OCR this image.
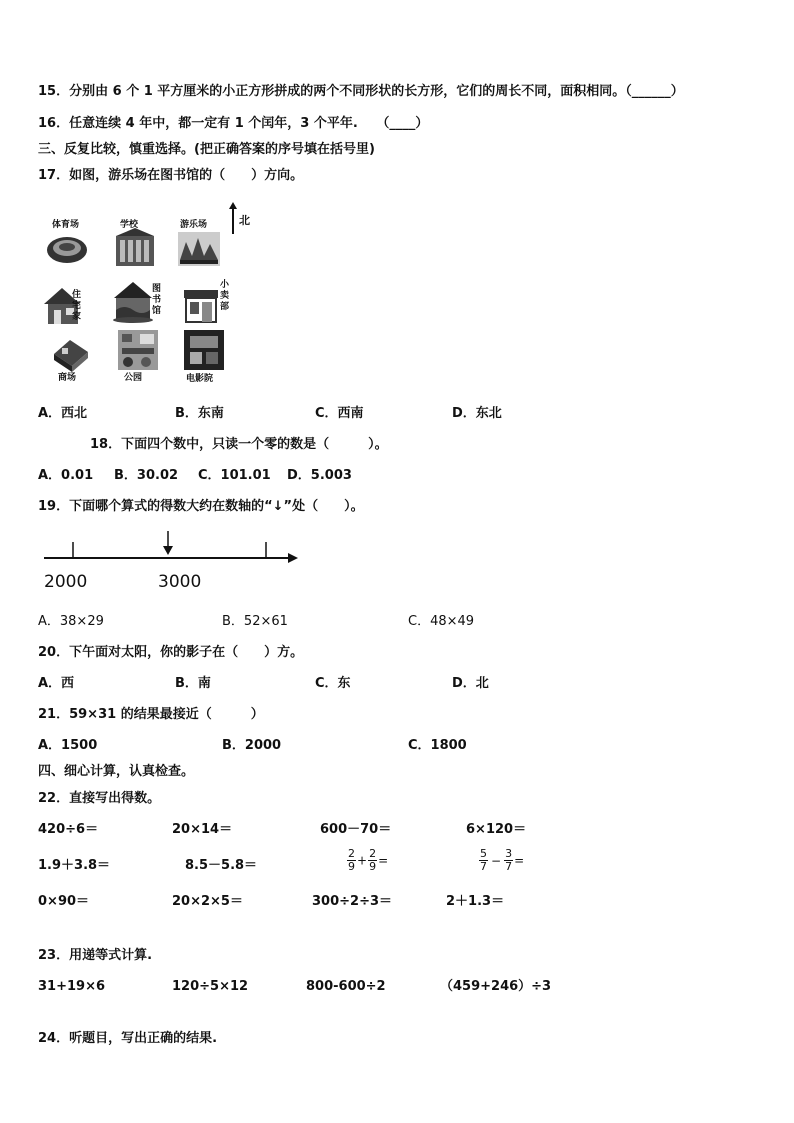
15．分别由 6 个 1 平方厘米的小正方形拼成的两个不同形状的长方形，它们的周长不同，面积相同。（______）
16．任意连续 4 年中，都一定有 1 个闰年，3 个平年. （____）
三、反复比较，慎重选择。(把正确答案的序号填在括号里)
17．如图，游乐场在图书馆的（　　）方向。
北
体育场	学校	游乐场
住宅家
图书馆
小卖部
商场	公园	电影院
A．西北	B．东南	C．西南	D．东北
18．下面四个数中，只读一个零的数是（　　　）。
A．0.01 B．30.02 C．101.01 D．5.003
19．下面哪个算式的得数大约在数轴的“↓”处（　　）。
2000	3000
A．38×29	B．52×61	C．48×49
20．下午面对太阳，你的影子在（　　）方。
A．西	B．南	C．东	D．北
21．59×31 的结果最接近（　　　）
A．1500	B．2000	C．1800
四、细心计算，认真检查。
22．直接写出得数。
420÷6＝	20×14＝	600－70＝	6×120＝
1.9＋3.8＝	8.5－5.8＝	$\frac{2}{9} + \frac{2}{9}$ =	$\frac{5}{7} - \frac{3}{7}$ =
0×90＝	20×2×5＝	300÷2÷3＝	2＋1.3＝
23．用递等式计算.
31+19×6	120÷5×12	800-600÷2	（459+246）÷3
24．听题目，写出正确的结果.
